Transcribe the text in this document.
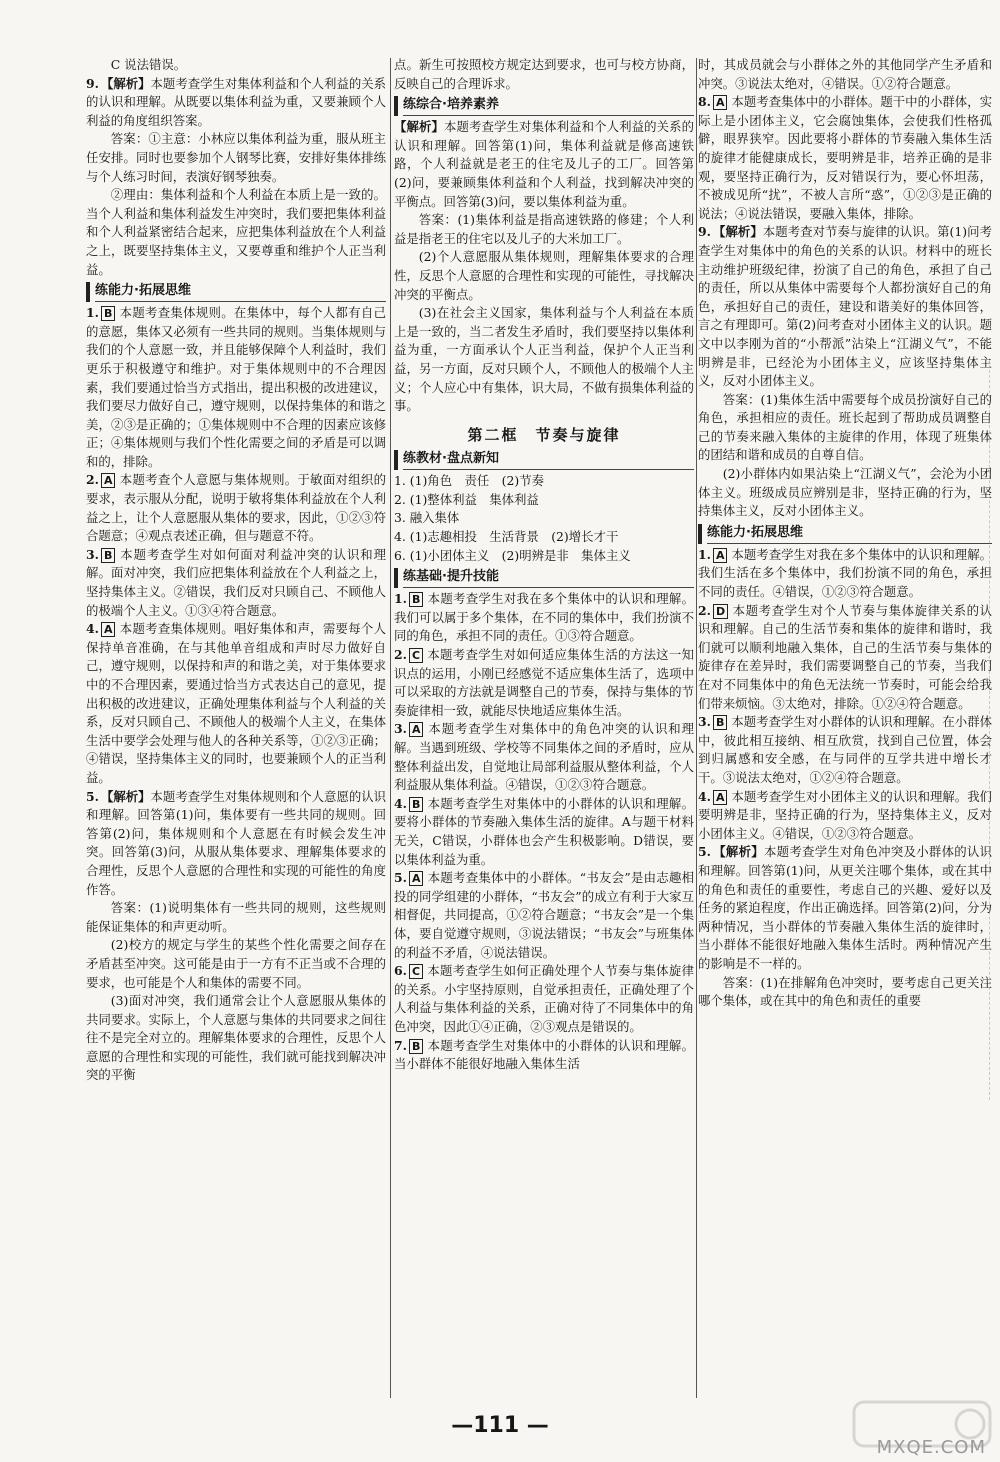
C 说法错误。

9. 【解析】本题考查学生对集体利益和个人利益的关系的认识和理解。从既要以集体利益为重，又要兼顾个人利益的角度组织答案。

答案：①主意：小林应以集体利益为重，服从班主任安排。同时也要参加个人钢琴比赛，安排好集体排练与个人练习时间，表演好钢琴独奏。

②理由：集体利益和个人利益在本质上是一致的。当个人利益和集体利益发生冲突时，我们要把集体利益和个人利益紧密结合起来，应把集体利益放在个人利益之上，既要坚持集体主义，又要尊重和维护个人正当利益。

练能力·拓展思维

1. B 本题考查集体规则。在集体中，每个人都有自己的意愿，集体又必须有一些共同的规则。当集体规则与我们的个人意愿一致，并且能够保障个人利益时，我们更乐于积极遵守和维护。对于集体规则中的不合理因素，我们要通过恰当方式指出，提出积极的改进建议，我们要尽力做好自己，遵守规则，以保持集体的和谐之美，②③是正确的；①集体规则中不合理的因素应该修正；④集体规则与我们个性化需要之间的矛盾是可以调和的，排除。

2. A 本题考查个人意愿与集体规则。于敏面对组织的要求，表示服从分配，说明于敏将集体利益放在个人利益之上，让个人意愿服从集体的要求，因此，①②③符合题意；④观点表述正确，但与题意不符。

3. B 本题考查学生对如何面对利益冲突的认识和理解。面对冲突，我们应把集体利益放在个人利益之上，坚持集体主义。②错误，我们反对只顾自己、不顾他人的极端个人主义。①③④符合题意。

4. A 本题考查集体规则。唱好集体和声，需要每个人保持单音准确，在与其他单音组成和声时尽力做好自己，遵守规则，以保持和声的和谐之美，对于集体要求中的不合理因素，要通过恰当方式表达自己的意见，提出积极的改进建议，正确处理集体利益与个人利益的关系，反对只顾自己、不顾他人的极端个人主义，在集体生活中要学会处理与他人的各种关系等，①②③正确；④错误，坚持集体主义的同时，也要兼顾个人的正当利益。

5. 【解析】本题考查学生对集体规则和个人意愿的认识和理解。回答第(1)问，集体要有一些共同的规则。回答第(2)问，集体规则和个人意愿在有时候会发生冲突。回答第(3)问，从服从集体要求、理解集体要求的合理性，反思个人意愿的合理性和实现的可能性的角度作答。

答案：(1)说明集体有一些共同的规则，这些规则能保证集体的和声更动听。

(2)校方的规定与学生的某些个性化需要之间存在矛盾甚至冲突。这可能是由于一方有不正当或不合理的要求，也可能是个人和集体的需要不同。

(3)面对冲突，我们通常会让个人意愿服从集体的共同要求。实际上，个人意愿与集体的共同要求之间往往不是完全对立的。理解集体要求的合理性，反思个人意愿的合理性和实现的可能性，我们就可能找到解决冲突的平衡

点。新生可按照校方规定达到要求，也可与校方协商，反映自己的合理诉求。

练综合·培养素养

【解析】本题考查学生对集体利益和个人利益的关系的认识和理解。回答第(1)问，集体利益就是修高速铁路，个人利益就是老王的住宅及儿子的工厂。回答第(2)问，要兼顾集体利益和个人利益，找到解决冲突的平衡点。回答第(3)问，要以集体利益为重。

答案：(1)集体利益是指高速铁路的修建；个人利益是指老王的住宅以及儿子的大米加工厂。

(2)个人意愿服从集体规则，理解集体要求的合理性，反思个人意愿的合理性和实现的可能性，寻找解决冲突的平衡点。

(3)在社会主义国家，集体利益与个人利益在本质上是一致的，当二者发生矛盾时，我们要坚持以集体利益为重，一方面承认个人正当利益，保护个人正当利益，另一方面，反对只顾个人，不顾他人的极端个人主义；个人应心中有集体，识大局，不做有损集体利益的事。

第二框　节奏与旋律
练教材·盘点新知

1. (1)角色　责任　(2)节奏

2. (1)整体利益　集体利益

3. 融入集体

4. (1)志趣相投　生活背景　(2)增长才干

6. (1)小团体主义　(2)明辨是非　集体主义

练基础·提升技能

1. B 本题考查学生对我在多个集体中的认识和理解。我们可以属于多个集体，在不同的集体中，我们扮演不同的角色，承担不同的责任。①③符合题意。

2. C 本题考查学生对如何适应集体生活的方法这一知识点的运用，小刚已经感觉不适应集体生活了，选项中可以采取的方法就是调整自己的节奏，保持与集体的节奏旋律相一致，就能尽快地适应集体生活。

3. A 本题考查学生对集体中的角色冲突的认识和理解。当遇到班级、学校等不同集体之间的矛盾时，应从整体利益出发，自觉地让局部利益服从整体利益，个人利益服从集体利益。④错误，①②③符合题意。

4. B 本题考查学生对集体中的小群体的认识和理解。要将小群体的节奏融入集体生活的旋律。A与题干材料无关，C错误，小群体也会产生积极影响。D错误，要以集体利益为重。

5. A 本题考查集体中的小群体。“书友会”是由志趣相投的同学组建的小群体，“书友会”的成立有利于大家互相督促，共同提高，①②符合题意；“书友会”是一个集体，要自觉遵守规则，③说法错误；“书友会”与班集体的利益不矛盾，④说法错误。

6. C 本题考查学生如何正确处理个人节奏与集体旋律的关系。小宇坚持原则，自觉承担责任，正确处理了个人利益与集体利益的关系，正确对待了不同集体中的角色冲突，因此①④正确，②③观点是错误的。

7. B 本题考查学生对集体中的小群体的认识和理解。当小群体不能很好地融入集体生活

时，其成员就会与小群体之外的其他同学产生矛盾和冲突。③说法太绝对，④错误。①②符合题意。

8. A 本题考查集体中的小群体。题干中的小群体，实际上是小团体主义，它会腐蚀集体，会使我们性格孤僻，眼界狭窄。因此要将小群体的节奏融入集体生活的旋律才能健康成长，要明辨是非，培养正确的是非观，要坚持正确行为，反对错误行为，要心怀坦荡，不被成见所“扰”，不被人言所“惑”，①②③是正确的说法；④说法错误，要融入集体，排除。

9. 【解析】本题考查对节奏与旋律的认识。第(1)问考查学生对集体中的角色的关系的认识。材料中的班长主动维护班级纪律，扮演了自己的角色，承担了自己的责任，所以从集体中需要每个人都扮演好自己的角色，承担好自己的责任，建设和谐美好的集体回答，言之有理即可。第(2)问考查对小团体主义的认识。题文中以李刚为首的“小帮派”沾染上“江湖义气”，不能明辨是非，已经沦为小团体主义，应该坚持集体主义，反对小团体主义。

答案：(1)集体生活中需要每个成员扮演好自己的角色，承担相应的责任。班长起到了帮助成员调整自己的节奏来融入集体的主旋律的作用，体现了班集体的团结和谐和成员的自尊自信。

(2)小群体内如果沾染上“江湖义气”，会沦为小团体主义。班级成员应辨别是非，坚持正确的行为，坚持集体主义，反对小团体主义。

练能力·拓展思维

1. A 本题考查学生对我在多个集体中的认识和理解。我们生活在多个集体中，我们扮演不同的角色，承担不同的责任。④错误，①②③符合题意。

2. D 本题考查学生对个人节奏与集体旋律关系的认识和理解。自己的生活节奏和集体的旋律和谐时，我们就可以顺利地融入集体，自己的生活节奏与集体的旋律存在差异时，我们需要调整自己的节奏，当我们在对不同集体中的角色无法统一节奏时，可能会给我们带来烦恼。③太绝对，排除。①②④符合题意。

3. B 本题考查学生对小群体的认识和理解。在小群体中，彼此相互接纳、相互欣赏，找到自己位置，体会到归属感和安全感，在与同伴的互学共进中增长才干。③说法太绝对，①②④符合题意。

4. A 本题考查学生对小团体主义的认识和理解。我们要明辨是非，坚持正确的行为，坚持集体主义，反对小团体主义。④错误，①②③符合题意。

5. 【解析】本题考查学生对角色冲突及小群体的认识和理解。回答第(1)问，从更关注哪个集体，或在其中的角色和责任的重要性，考虑自己的兴趣、爱好以及任务的紧迫程度，作出正确选择。回答第(2)问，分为两种情况，当小群体的节奏融入集体生活的旋律时，当小群体不能很好地融入集体生活时。两种情况产生的影响是不一样的。

答案：(1)在排解角色冲突时，要考虑自己更关注哪个集体，或在其中的角色和责任的重要

—111 —
MXQE.COM
